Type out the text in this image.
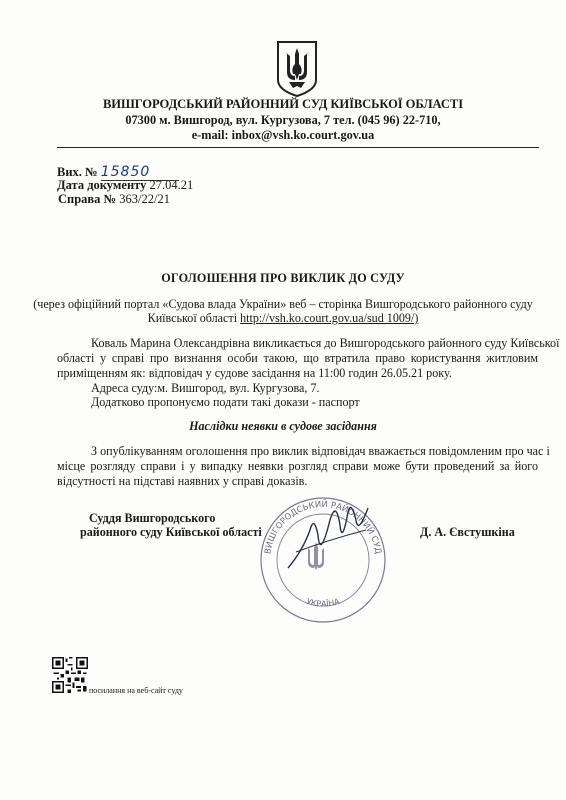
ВИШГОРОДСЬКИЙ РАЙОННИЙ СУД КИЇВСЬКОЇ ОБЛАСТІ
07300 м. Вишгород, вул. Кургузова, 7 тел. (045 96) 22-710,
e-mail: inbox@vsh.ko.court.gov.ua
Вих. № 15850
Дата документу 27.04.21
Справа № 363/22/21
ОГОЛОШЕННЯ ПРО ВИКЛИК ДО СУДУ
(через офіційний портал «Судова влада України» веб – сторінка Вишгородського районного суду
Київської області http://vsh.ko.court.gov.ua/sud 1009/)
Коваль Марина Олександрівна викликається до Вишгородського районного суду Київської
області у справі про визнання особи такою, що втратила право користування житловим
приміщенням як: відповідач у судове засідання на 11:00 годин 26.05.21 року.
Адреса суду:м. Вишгород, вул. Кургузова, 7.
Додатково пропонуємо подати такі докази - паспорт
Наслідки неявки в судове засідання
З опублікуванням оголошення про виклик відповідач вважається повідомленим про час і
місце розгляду справи і у випадку неявки розгляд справи може бути проведений за його
відсутності на підставі наявних у справі доказів.
Суддя Вишгородського
районного суду Київської області	Д. А. Євстушкіна
ВИШГОРОДСЬКИЙ РАЙОННИЙ СУД
УКРАЇНА
посилання на веб-сайт суду
